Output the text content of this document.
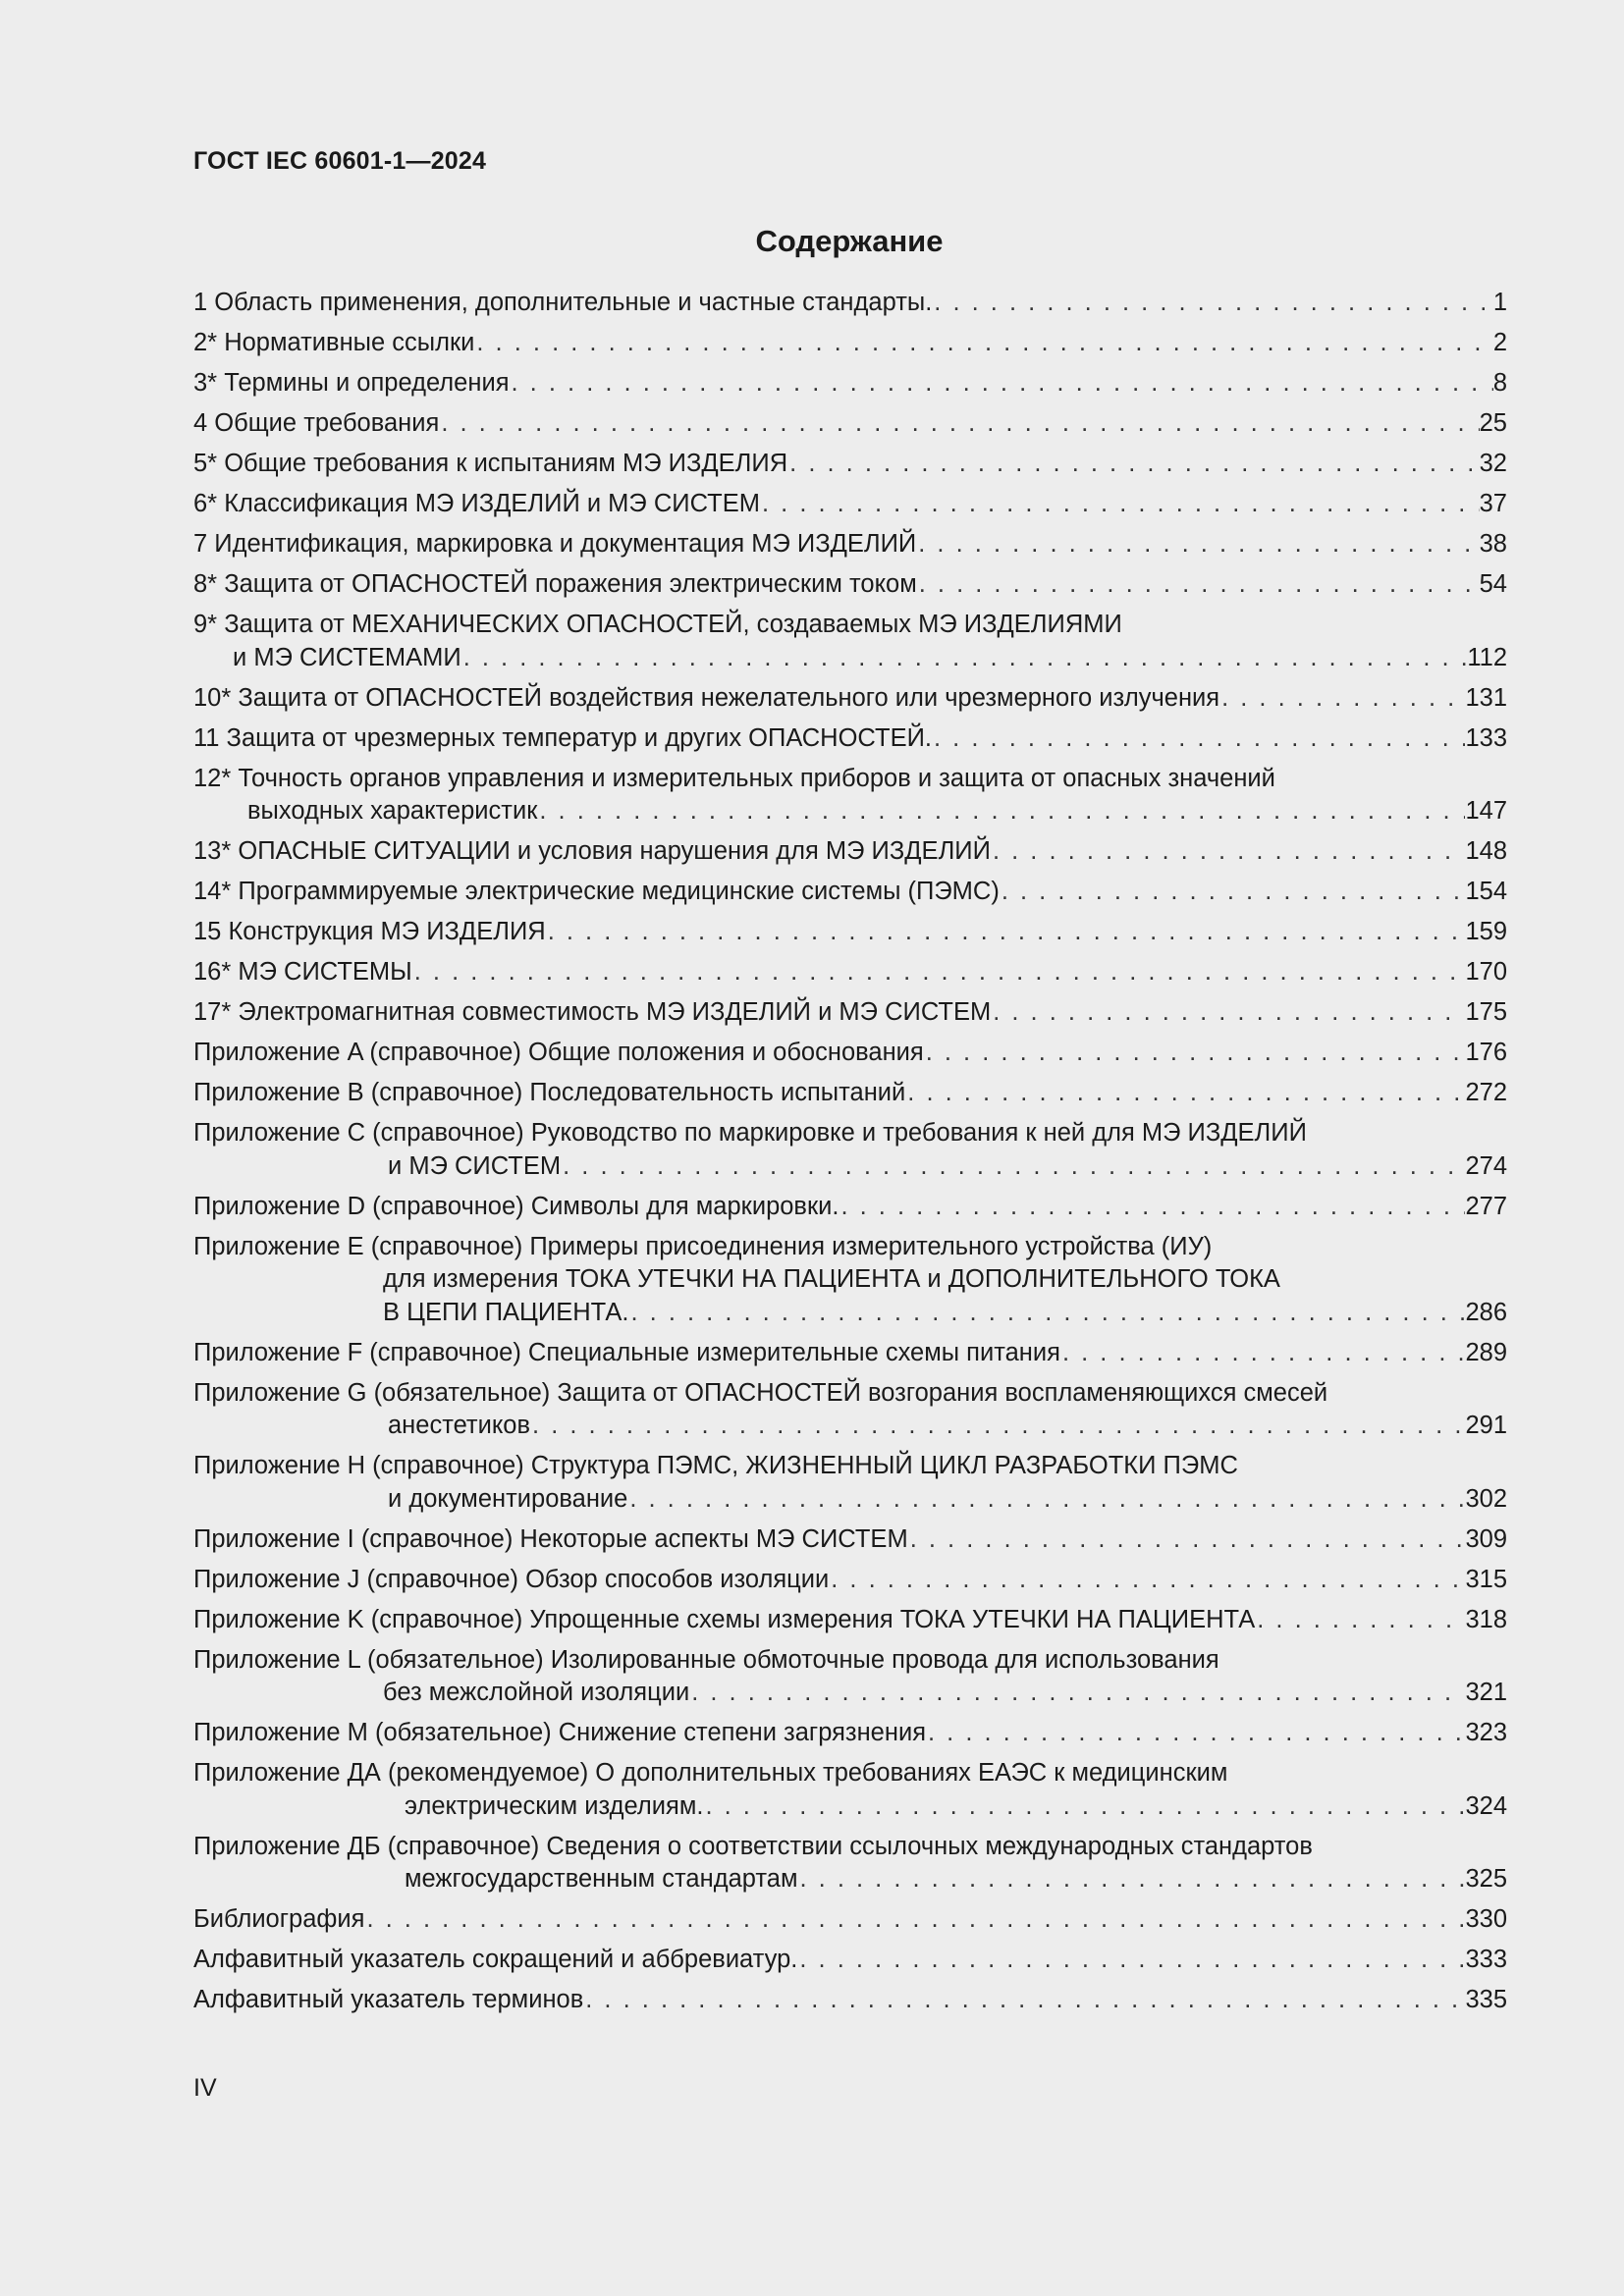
ГОСТ IEC 60601-1—2024
Содержание
1 Область применения, дополнительные и частные стандарты. . . .	1
2* Нормативные ссылки . . .	2
3* Термины и определения . . .	8
4 Общие требования . . .	25
5* Общие требования к испытаниям МЭ ИЗДЕЛИЯ . . .	32
6* Классификация МЭ ИЗДЕЛИЙ и МЭ СИСТЕМ . . .	37
7 Идентификация, маркировка и документация МЭ ИЗДЕЛИЙ . . .	38
8* Защита от ОПАСНОСТЕЙ поражения электрическим током . . .	54
9* Защита от МЕХАНИЧЕСКИХ ОПАСНОСТЕЙ, создаваемых МЭ ИЗДЕЛИЯМИ
и МЭ СИСТЕМАМИ . . .	112
10* Защита от ОПАСНОСТЕЙ воздействия нежелательного или чрезмерного излучения . . .	131
11 Защита от чрезмерных температур и других ОПАСНОСТЕЙ. . . .	133
12* Точность органов управления и измерительных приборов и защита от опасных значений
выходных характеристик . . .	147
13* ОПАСНЫЕ СИТУАЦИИ и условия нарушения для МЭ ИЗДЕЛИЙ . . .	148
14* Программируемые электрические медицинские системы (ПЭМС) . . .	154
15 Конструкция МЭ ИЗДЕЛИЯ . . .	159
16* МЭ СИСТЕМЫ . . .	170
17* Электромагнитная совместимость МЭ ИЗДЕЛИЙ и МЭ СИСТЕМ . . .	175
Приложение A (справочное) Общие положения и обоснования . . .	176
Приложение B (справочное) Последовательность испытаний . . .	272
Приложение C (справочное) Руководство по маркировке и требования к ней для МЭ ИЗДЕЛИЙ
и МЭ СИСТЕМ . . .	274
Приложение D (справочное) Символы для маркировки. . . .	277
Приложение E (справочное) Примеры присоединения измерительного устройства (ИУ)
для измерения ТОКА УТЕЧКИ НА ПАЦИЕНТА и ДОПОЛНИТЕЛЬНОГО ТОКА
В ЦЕПИ ПАЦИЕНТА. . . .	286
Приложение F (справочное) Специальные измерительные схемы питания . . .	289
Приложение G (обязательное) Защита от ОПАСНОСТЕЙ возгорания воспламеняющихся смесей
анестетиков . . .	291
Приложение H (справочное) Структура ПЭМС, ЖИЗНЕННЫЙ ЦИКЛ РАЗРАБОТКИ ПЭМС
и документирование . . .	302
Приложение I (справочное) Некоторые аспекты МЭ СИСТЕМ . . .	309
Приложение J (справочное) Обзор способов изоляции . . .	315
Приложение K (справочное) Упрощенные схемы измерения ТОКА УТЕЧКИ НА ПАЦИЕНТА . . .	318
Приложение L (обязательное) Изолированные обмоточные провода для использования
без межслойной изоляции . . .	321
Приложение M (обязательное) Снижение степени загрязнения . . .	323
Приложение ДА (рекомендуемое) О дополнительных требованиях ЕАЭС к медицинским
электрическим изделиям. . . .	324
Приложение ДБ (справочное) Сведения о соответствии ссылочных международных стандартов
межгосударственным стандартам . . .	325
Библиография . . .	330
Алфавитный указатель сокращений и аббревиатур. . . .	333
Алфавитный указатель терминов . . .	335
IV
